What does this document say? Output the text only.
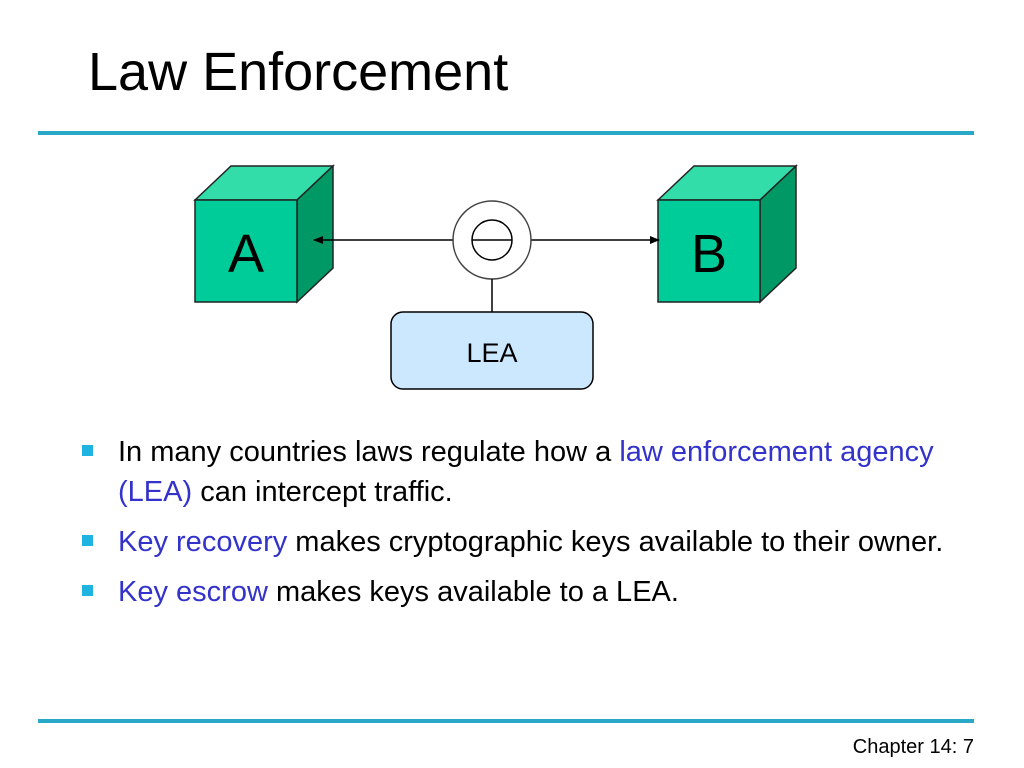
Law Enforcement
A	B
LEA
In many countries laws regulate how a law enforcement agency (LEA) can intercept traffic.
Key recovery makes cryptographic keys available to their owner.
Key escrow makes keys available to a LEA.
Chapter 14: 7
